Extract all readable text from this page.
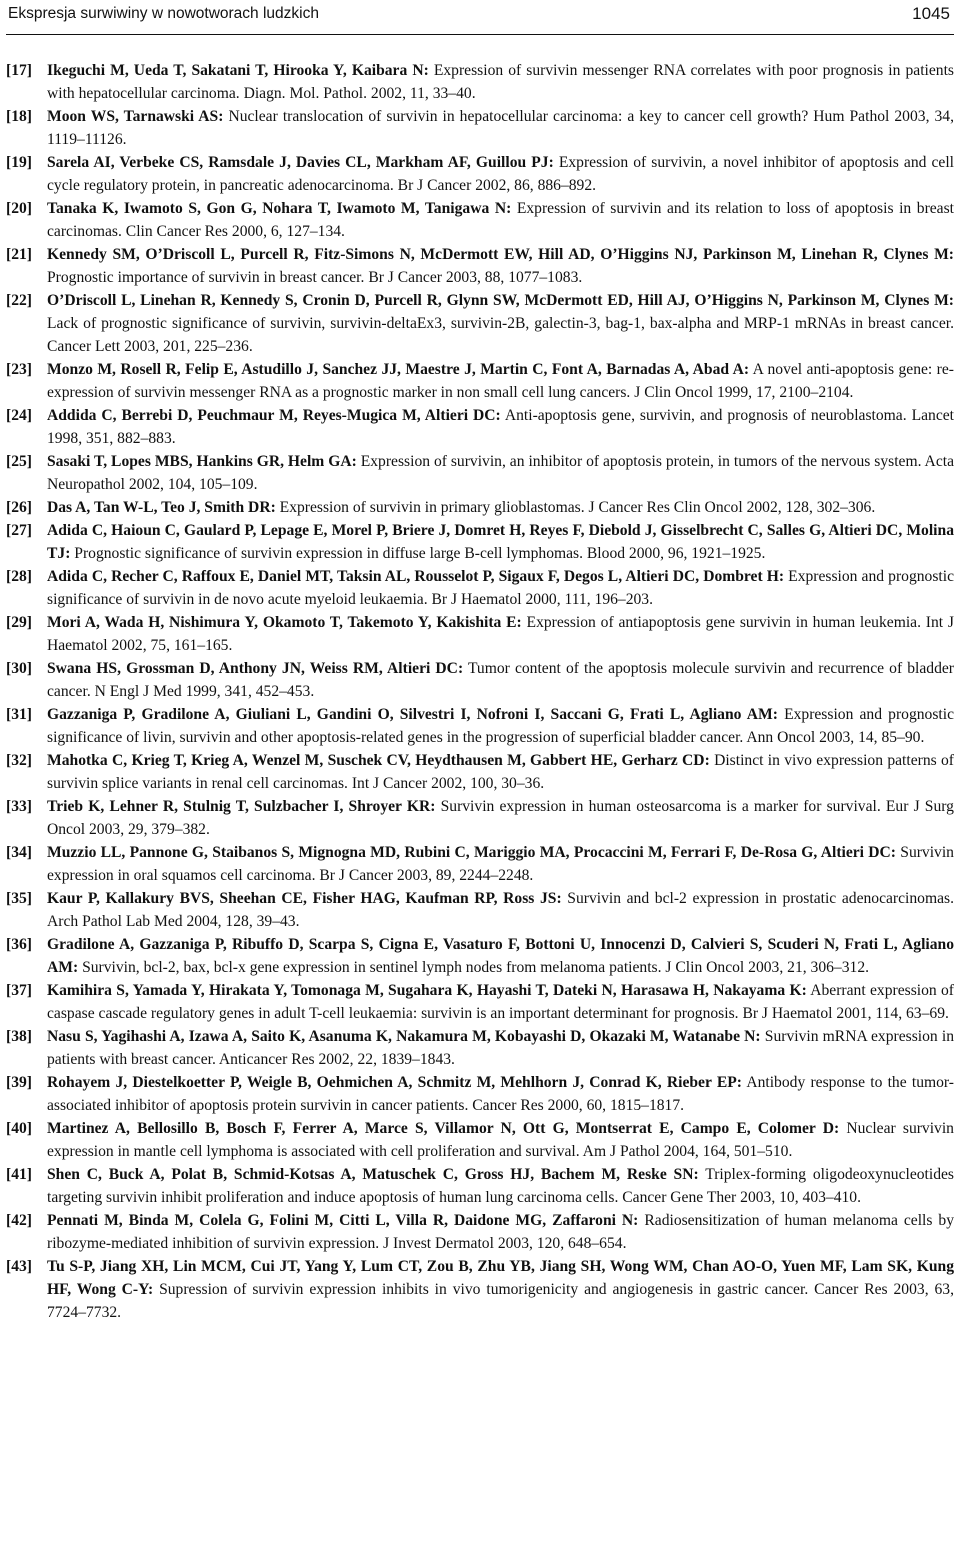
Ekspresja surwiwiny w nowotworach ludzkich	1045

[17] Ikeguchi M, Ueda T, Sakatani T, Hirooka Y, Kaibara N: Expression of survivin messenger RNA correlates with poor prognosis in patients with hepatocellular carcinoma. Diagn. Mol. Pathol. 2002, 11, 33–40.

[18] Moon WS, Tarnawski AS: Nuclear translocation of survivin in hepatocellular carcinoma: a key to cancer cell growth? Hum Pathol 2003, 34, 1119–11126.

[19] Sarela AI, Verbeke CS, Ramsdale J, Davies CL, Markham AF, Guillou PJ: Expression of survivin, a novel inhibitor of apoptosis and cell cycle regulatory protein, in pancreatic adenocarcinoma. Br J Cancer 2002, 86, 886–892.

[20] Tanaka K, Iwamoto S, Gon G, Nohara T, Iwamoto M, Tanigawa N: Expression of survivin and its relation to loss of apoptosis in breast carcinomas. Clin Cancer Res 2000, 6, 127–134.

[21] Kennedy SM, O’Driscoll L, Purcell R, Fitz-Simons N, McDermott EW, Hill AD, O’Higgins NJ, Parkinson M, Linehan R, Clynes M: Prognostic importance of survivin in breast cancer. Br J Cancer 2003, 88, 1077–1083.

[22] O’Driscoll L, Linehan R, Kennedy S, Cronin D, Purcell R, Glynn SW, McDermott ED, Hill AJ, O’Higgins N, Parkinson M, Clynes M: Lack of prognostic significance of survivin, survivin-deltaEx3, survivin-2B, galectin-3, bag-1, bax-alpha and MRP-1 mRNAs in breast cancer. Cancer Lett 2003, 201, 225–236.

[23] Monzo M, Rosell R, Felip E, Astudillo J, Sanchez JJ, Maestre J, Martin C, Font A, Barnadas A, Abad A: A novel anti-apoptosis gene: re-expression of survivin messenger RNA as a prognostic marker in non small cell lung cancers. J Clin Oncol 1999, 17, 2100–2104.

[24] Addida C, Berrebi D, Peuchmaur M, Reyes-Mugica M, Altieri DC: Anti-apoptosis gene, survivin, and prognosis of neuroblastoma. Lancet 1998, 351, 882–883.

[25] Sasaki T, Lopes MBS, Hankins GR, Helm GA: Expression of survivin, an inhibitor of apoptosis protein, in tumors of the nervous system. Acta Neuropathol 2002, 104, 105–109.

[26] Das A, Tan W-L, Teo J, Smith DR: Expression of survivin in primary glioblastomas. J Cancer Res Clin Oncol 2002, 128, 302–306.

[27] Adida C, Haioun C, Gaulard P, Lepage E, Morel P, Briere J, Domret H, Reyes F, Diebold J, Gisselbrecht C, Salles G, Altieri DC, Molina TJ: Prognostic significance of survivin expression in diffuse large B-cell lymphomas. Blood 2000, 96, 1921–1925.

[28] Adida C, Recher C, Raffoux E, Daniel MT, Taksin AL, Rousselot P, Sigaux F, Degos L, Altieri DC, Dombret H: Expression and prognostic significance of survivin in de novo acute myeloid leukaemia. Br J Haematol 2000, 111, 196–203.

[29] Mori A, Wada H, Nishimura Y, Okamoto T, Takemoto Y, Kakishita E: Expression of antiapoptosis gene survivin in human leukemia. Int J Haematol 2002, 75, 161–165.

[30] Swana HS, Grossman D, Anthony JN, Weiss RM, Altieri DC: Tumor content of the apoptosis molecule survivin and recurrence of bladder cancer. N Engl J Med 1999, 341, 452–453.

[31] Gazzaniga P, Gradilone A, Giuliani L, Gandini O, Silvestri I, Nofroni I, Saccani G, Frati L, Agliano AM: Expression and prognostic significance of livin, survivin and other apoptosis-related genes in the progression of superficial bladder cancer. Ann Oncol 2003, 14, 85–90.

[32] Mahotka C, Krieg T, Krieg A, Wenzel M, Suschek CV, Heydthausen M, Gabbert HE, Gerharz CD: Distinct in vivo expression patterns of survivin splice variants in renal cell carcinomas. Int J Cancer 2002, 100, 30–36.

[33] Trieb K, Lehner R, Stulnig T, Sulzbacher I, Shroyer KR: Survivin expression in human osteosarcoma is a marker for survival. Eur J Surg Oncol 2003, 29, 379–382.

[34] Muzzio LL, Pannone G, Staibanos S, Mignogna MD, Rubini C, Mariggio MA, Procaccini M, Ferrari F, De-Rosa G, Altieri DC: Survivin expression in oral squamos cell carcinoma. Br J Cancer 2003, 89, 2244–2248.

[35] Kaur P, Kallakury BVS, Sheehan CE, Fisher HAG, Kaufman RP, Ross JS: Survivin and bcl-2 expression in prostatic adenocarcinomas. Arch Pathol Lab Med 2004, 128, 39–43.

[36] Gradilone A, Gazzaniga P, Ribuffo D, Scarpa S, Cigna E, Vasaturo F, Bottoni U, Innocenzi D, Calvieri S, Scuderi N, Frati L, Agliano AM: Survivin, bcl-2, bax, bcl-x gene expression in sentinel lymph nodes from melanoma patients. J Clin Oncol 2003, 21, 306–312.

[37] Kamihira S, Yamada Y, Hirakata Y, Tomonaga M, Sugahara K, Hayashi T, Dateki N, Harasawa H, Nakayama K: Aberrant expression of caspase cascade regulatory genes in adult T-cell leukaemia: survivin is an important determinant for prognosis. Br J Haematol 2001, 114, 63–69.

[38] Nasu S, Yagihashi A, Izawa A, Saito K, Asanuma K, Nakamura M, Kobayashi D, Okazaki M, Watanabe N: Survivin mRNA expression in patients with breast cancer. Anticancer Res 2002, 22, 1839–1843.

[39] Rohayem J, Diestelkoetter P, Weigle B, Oehmichen A, Schmitz M, Mehlhorn J, Conrad K, Rieber EP: Antibody response to the tumor-associated inhibitor of apoptosis protein survivin in cancer patients. Cancer Res 2000, 60, 1815–1817.

[40] Martinez A, Bellosillo B, Bosch F, Ferrer A, Marce S, Villamor N, Ott G, Montserrat E, Campo E, Colomer D: Nuclear survivin expression in mantle cell lymphoma is associated with cell proliferation and survival. Am J Pathol 2004, 164, 501–510.

[41] Shen C, Buck A, Polat B, Schmid-Kotsas A, Matuschek C, Gross HJ, Bachem M, Reske SN: Triplex-forming oligodeoxynucleotides targeting survivin inhibit proliferation and induce apoptosis of human lung carcinoma cells. Cancer Gene Ther 2003, 10, 403–410.

[42] Pennati M, Binda M, Colela G, Folini M, Citti L, Villa R, Daidone MG, Zaffaroni N: Radiosensitization of human melanoma cells by ribozyme-mediated inhibition of survivin expression. J Invest Dermatol 2003, 120, 648–654.

[43] Tu S-P, Jiang XH, Lin MCM, Cui JT, Yang Y, Lum CT, Zou B, Zhu YB, Jiang SH, Wong WM, Chan AO-O, Yuen MF, Lam SK, Kung HF, Wong C-Y: Supression of survivin expression inhibits in vivo tumorigenicity and angiogenesis in gastric cancer. Cancer Res 2003, 63, 7724–7732.
